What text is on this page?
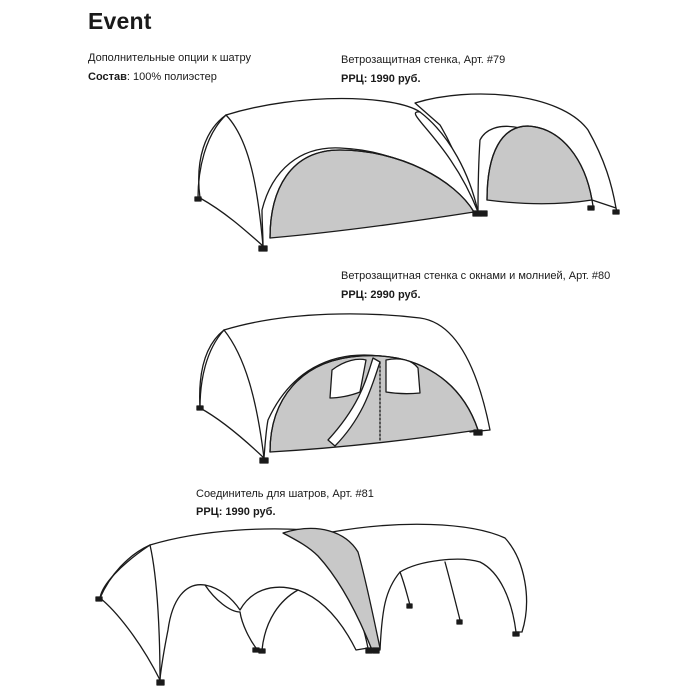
Event
Дополнительные опции к шатру
Состав: 100% полиэстер
Ветрозащитная стенка, Арт. #79
РРЦ: 1990 руб.
Ветрозащитная стенка с окнами и молнией, Арт. #80
РРЦ: 2990 руб.
Соединитель для шатров, Арт. #81
РРЦ: 1990 руб.
